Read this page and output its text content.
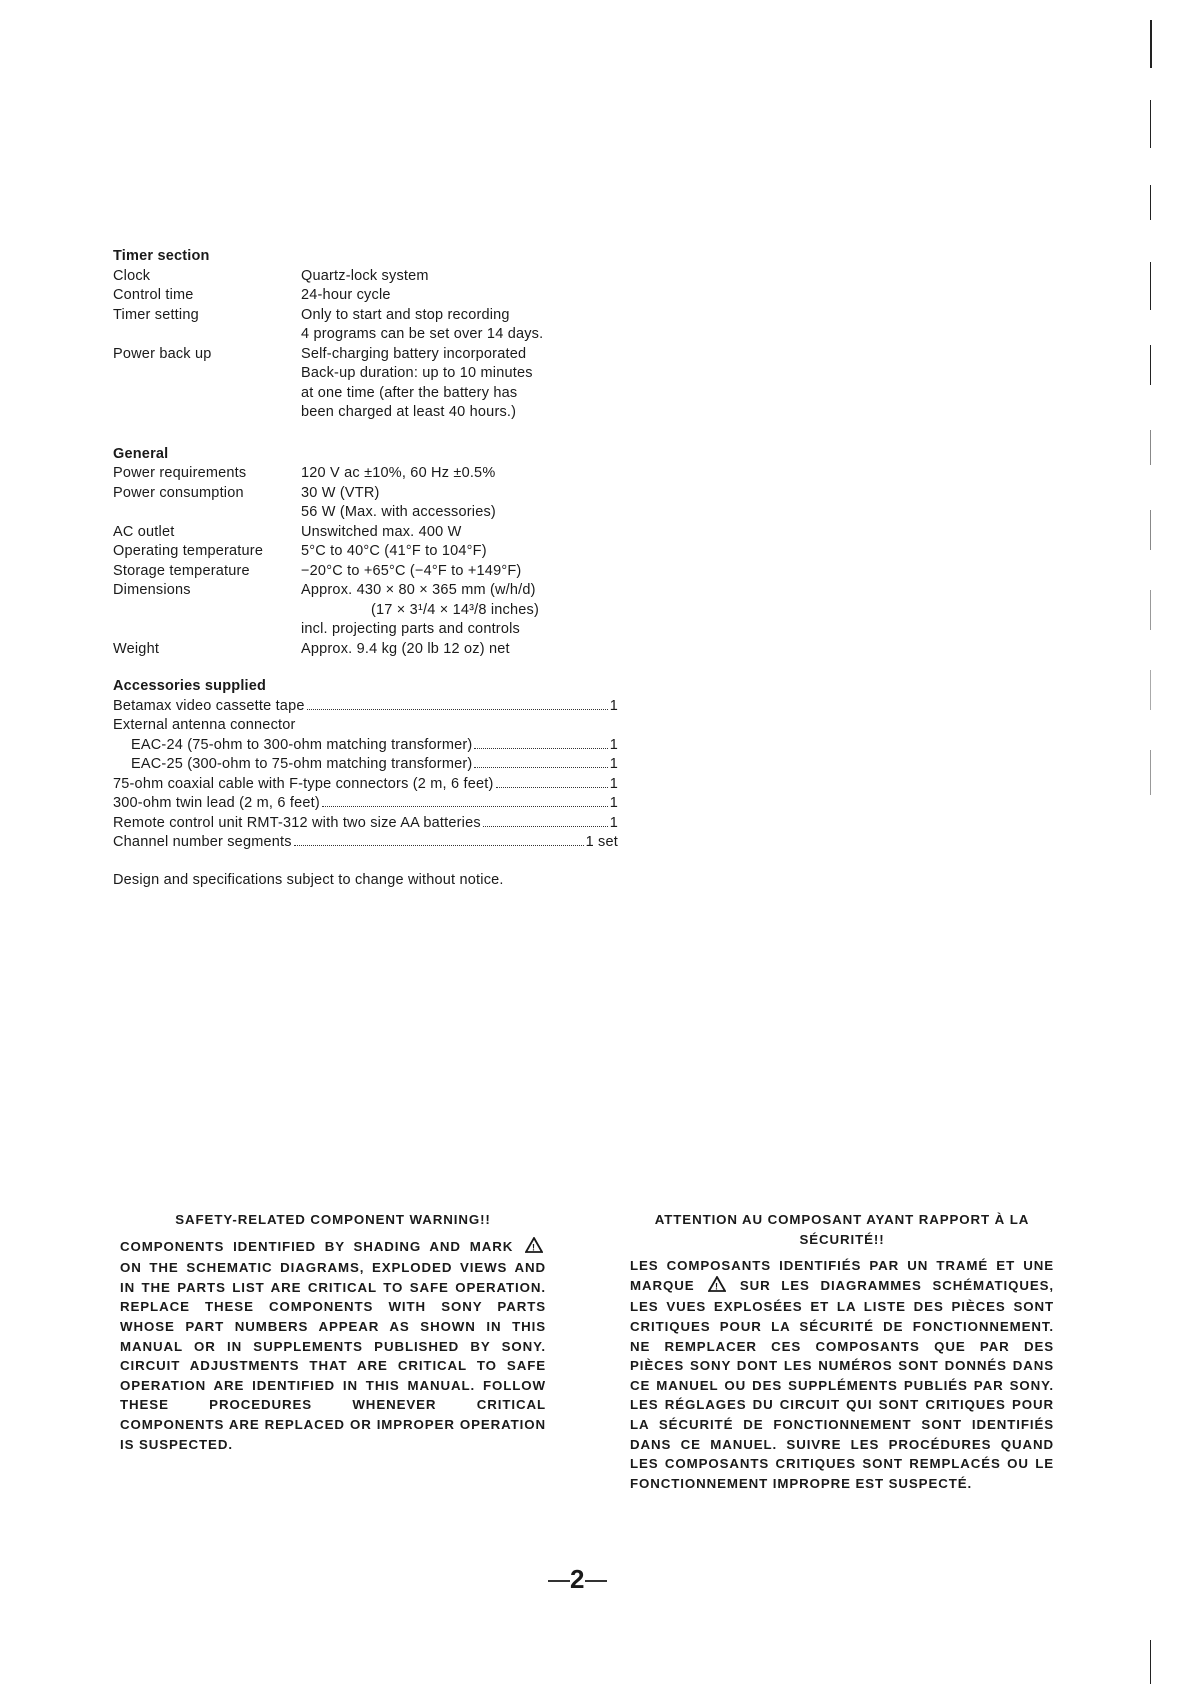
Timer section
Clock	Quartz-lock system
Control time	24-hour cycle
Timer setting	Only to start and stop recording
4 programs can be set over 14 days.
Power back up	Self-charging battery incorporated
Back-up duration: up to 10 minutes
at one time (after the battery has
been charged at least 40 hours.)
General
Power requirements	120 V ac ±10%, 60 Hz ±0.5%
Power consumption	30 W (VTR)
56 W (Max. with accessories)
AC outlet	Unswitched max. 400 W
Operating temperature	5°C to 40°C (41°F to 104°F)
Storage temperature	−20°C to +65°C (−4°F to +149°F)
Dimensions	Approx. 430 × 80 × 365 mm (w/h/d)
(17 × 3¹/4 × 14³/8 inches)
incl. projecting parts and controls
Weight	Approx. 9.4 kg (20 lb 12 oz) net
Accessories supplied
Betamax video cassette tape	1
External antenna connector
EAC-24 (75-ohm to 300-ohm matching transformer)	1
EAC-25 (300-ohm to 75-ohm matching transformer)	1
75-ohm coaxial cable with F-type connectors (2 m, 6 feet)	1
300-ohm twin lead (2 m, 6 feet)	1
Remote control unit RMT-312 with two size AA batteries	1
Channel number segments	1 set
Design and specifications subject to change without notice.
SAFETY-RELATED COMPONENT WARNING!!
COMPONENTS IDENTIFIED BY SHADING AND MARK !
ON THE SCHEMATIC DIAGRAMS, EXPLODED VIEWS AND IN THE PARTS LIST ARE CRITICAL TO SAFE OPERATION. REPLACE THESE COMPONENTS WITH SONY PARTS WHOSE PART NUMBERS APPEAR AS SHOWN IN THIS MANUAL OR IN SUPPLEMENTS PUBLISHED BY SONY. CIRCUIT ADJUSTMENTS THAT ARE CRITICAL TO SAFE OPERATION ARE IDENTIFIED IN THIS MANUAL. FOLLOW THESE PROCEDURES WHENEVER CRITICAL COMPONENTS ARE REPLACED OR IMPROPER OPERATION IS SUSPECTED.
ATTENTION AU COMPOSANT AYANT RAPPORT À LA SÉCURITÉ!!
LES COMPOSANTS IDENTIFIÉS PAR UN TRAMÉ ET UNE MARQUE ! SUR LES DIAGRAMMES SCHÉMATIQUES, LES VUES EXPLOSÉES ET LA LISTE DES PIÈCES SONT CRITIQUES POUR LA SÉCURITÉ DE FONCTIONNEMENT. NE REMPLACER CES COMPOSANTS QUE PAR DES PIÈCES SONY DONT LES NUMÉROS SONT DONNÉS DANS CE MANUEL OU DES SUPPLÉMENTS PUBLIÉS PAR SONY. LES RÉGLAGES DU CIRCUIT QUI SONT CRITIQUES POUR LA SÉCURITÉ DE FONCTIONNEMENT SONT IDENTIFIÉS DANS CE MANUEL. SUIVRE LES PROCÉDURES QUAND LES COMPOSANTS CRITIQUES SONT REMPLACÉS OU LE FONCTIONNEMENT IMPROPRE EST SUSPECTÉ.
2
